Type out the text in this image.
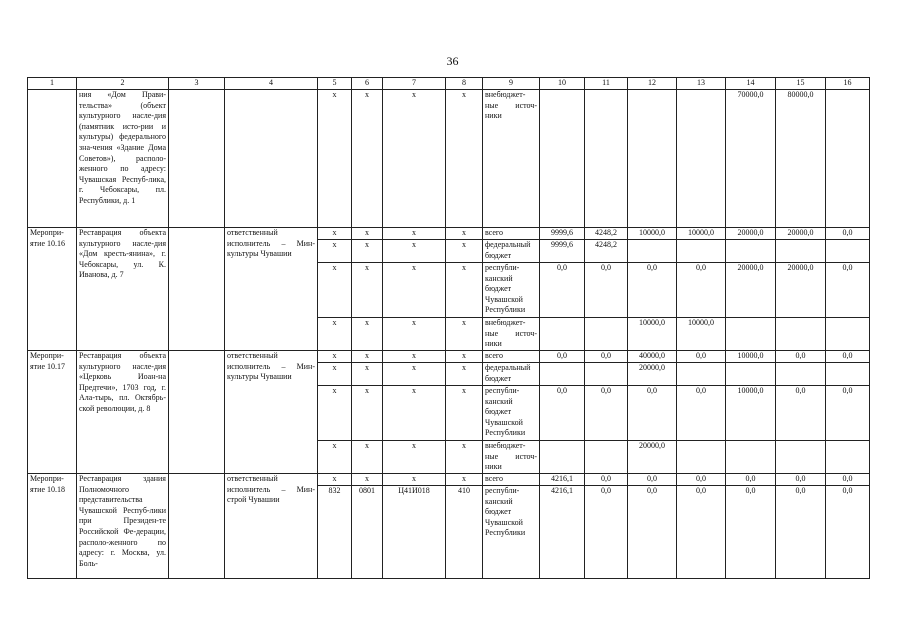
36
1	2	3	4	5	6	7	8	9	10	11	12	13	14	15	16
	ния «Дом Прави-тельства» (объект культурного насле-дия (памятник исто-рии и культуры) федерального зна-чения «Здание Дома Советов»), располо-женного по адресу: Чувашская Респуб-лика, г. Чебоксары, пл. Республики, д. 1			х	х	х	х	внебюджет-ные источ-ники					70000,0	80000,0	
Меропри-ятие 10.16	Реставрация объекта культурного насле-дия «Дом кресть-янина», г. Чебоксары, ул. К. Иванова, д. 7		ответственный исполнитель – Мин-культуры Чувашии	х	х	х	х	всего	9999,6	4248,2	10000,0	10000,0	20000,0	20000,0	0,0
				х	х	х	х	федеральный бюджет	9999,6	4248,2					
				х	х	х	х	республи-канский бюджет Чувашской Республики	0,0	0,0	0,0	0,0	20000,0	20000,0	0,0
				х	х	х	х	внебюджет-ные источ-ники			10000,0	10000,0			
Меропри-ятие 10.17	Реставрация объекта культурного насле-дия «Церковь Иоан-на Предтечи», 1703 год, г. Ала-тырь, пл. Октябрь-ской революции, д. 8		ответственный исполнитель – Мин-культуры Чувашии	х	х	х	х	всего	0,0	0,0	40000,0	0,0	10000,0	0,0	0,0
				х	х	х	х	федеральный бюджет			20000,0				
				х	х	х	х	республи-канский бюджет Чувашской Республики	0,0	0,0	0,0	0,0	10000,0	0,0	0,0
				х	х	х	х	внебюджет-ные источ-ники			20000,0				
Меропри-ятие 10.18	Реставрация здания Полномочного представительства Чувашской Респуб-лики при Президен-те Российской Фе-дерации, располо-женного по адресу: г. Москва, ул. Боль-		ответственный исполнитель – Мин-строй Чувашии	х	х	х	х	всего	4216,1	0,0	0,0	0,0	0,0	0,0	0,0
				832	0801	Ц41И018	410	республи-канский бюджет Чувашской Республики	4216,1	0,0	0,0	0,0	0,0	0,0	0,0
